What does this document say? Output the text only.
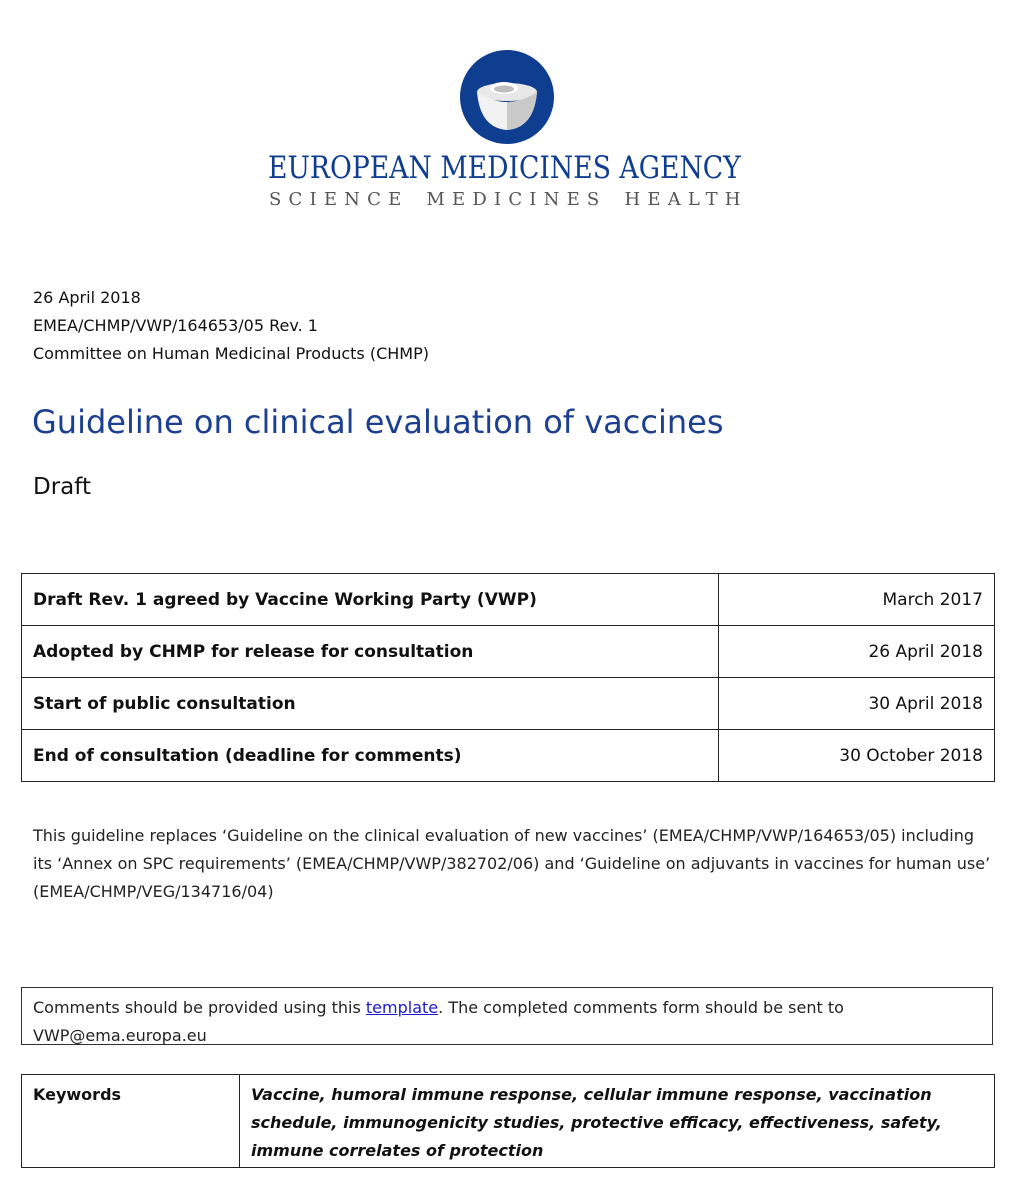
EUROPEAN MEDICINES AGENCY
SCIENCE MEDICINES HEALTH
26 April 2018
EMEA/CHMP/VWP/164653/05 Rev. 1
Committee on Human Medicinal Products (CHMP)
Guideline on clinical evaluation of vaccines
Draft
Draft Rev. 1 agreed by Vaccine Working Party (VWP)	March 2017
Adopted by CHMP for release for consultation	26 April 2018
Start of public consultation	30 April 2018
End of consultation (deadline for comments)	30 October 2018
This guideline replaces ‘Guideline on the clinical evaluation of new vaccines’ (EMEA/CHMP/VWP/164653/05) including its ‘Annex on SPC requirements’ (EMEA/CHMP/VWP/382702/06) and ‘Guideline on adjuvants in vaccines for human use’ (EMEA/CHMP/VEG/134716/04)
Comments should be provided using this template. The completed comments form should be sent to VWP@ema.europa.eu
Keywords	Vaccine, humoral immune response, cellular immune response, vaccination schedule, immunogenicity studies, protective efficacy, effectiveness, safety, immune correlates of protection
